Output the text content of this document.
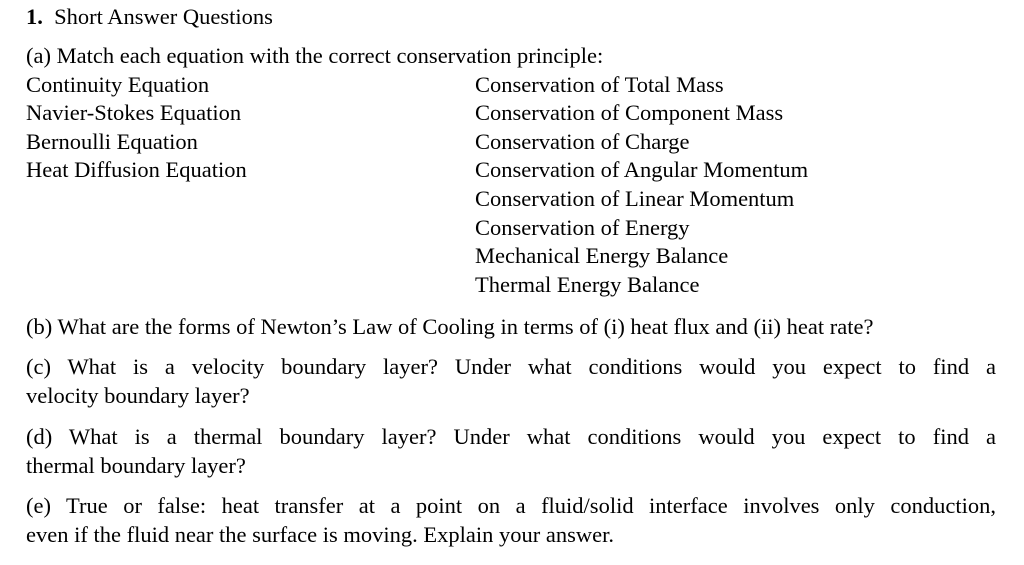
1. Short Answer Questions
(a) Match each equation with the correct conservation principle:
Continuity Equation
Navier-Stokes Equation
Bernoulli Equation
Heat Diffusion Equation
Conservation of Total Mass
Conservation of Component Mass
Conservation of Charge
Conservation of Angular Momentum
Conservation of Linear Momentum
Conservation of Energy
Mechanical Energy Balance
Thermal Energy Balance
(b) What are the forms of Newton’s Law of Cooling in terms of (i) heat flux and (ii) heat rate?
(c) What is a velocity boundary layer? Under what conditions would you expect to find a
velocity boundary layer?
(d) What is a thermal boundary layer? Under what conditions would you expect to find a
thermal boundary layer?
(e) True or false: heat transfer at a point on a fluid/solid interface involves only conduction,
even if the fluid near the surface is moving. Explain your answer.
